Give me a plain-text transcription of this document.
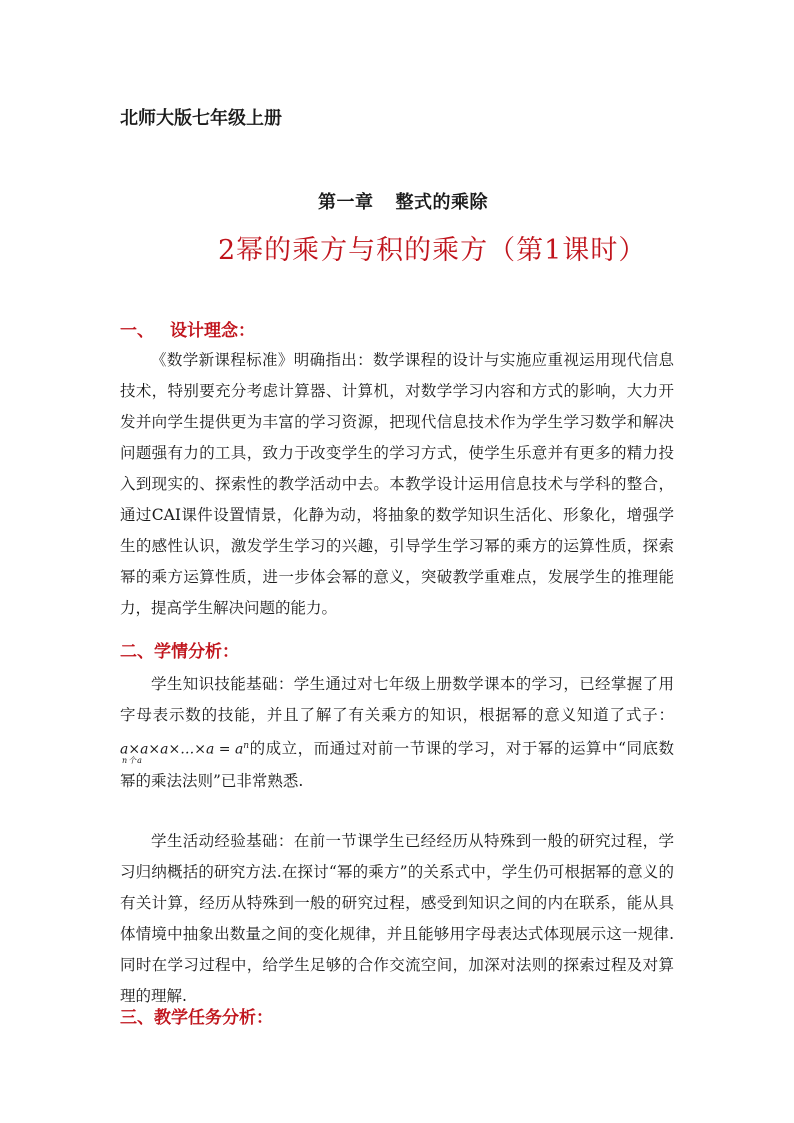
北师大版七年级上册
第一章 整式的乘除
2幂的乘方与积的乘方（第1课时）
一、 设计理念：
《数学新课程标准》明确指出：数学课程的设计与实施应重视运用现代信息技术，特别要充分考虑计算器、计算机，对数学学习内容和方式的影响，大力开发并向学生提供更为丰富的学习资源，把现代信息技术作为学生学习数学和解决问题强有力的工具，致力于改变学生的学习方式，使学生乐意并有更多的精力投入到现实的、探索性的教学活动中去。本教学设计运用信息技术与学科的整合，通过CAI课件设置情景，化静为动，将抽象的数学知识生活化、形象化，增强学生的感性认识，激发学生学习的兴趣，引导学生学习幂的乘方的运算性质，探索幂的乘方运算性质，进一步体会幂的意义，突破教学重难点，发展学生的推理能力，提高学生解决问题的能力。
二、学情分析：
学生知识技能基础：学生通过对七年级上册数学课本的学习，已经掌握了用字母表示数的技能，并且了解了有关乘方的知识，根据幂的意义知道了式子：a×a×a×…×a = $a^n$
n个a
的成立，而通过对前一节课的学习，对于幂的运算中“同底数幂的乘法法则”已非常熟悉.
学生活动经验基础：在前一节课学生已经经历从特殊到一般的研究过程，学习归纳概括的研究方法.在探讨“幂的乘方”的关系式中，学生仍可根据幂的意义的有关计算，经历从特殊到一般的研究过程，感受到知识之间的内在联系，能从具体情境中抽象出数量之间的变化规律，并且能够用字母表达式体现展示这一规律.同时在学习过程中，给学生足够的合作交流空间，加深对法则的探索过程及对算理的理解.
三、教学任务分析：
